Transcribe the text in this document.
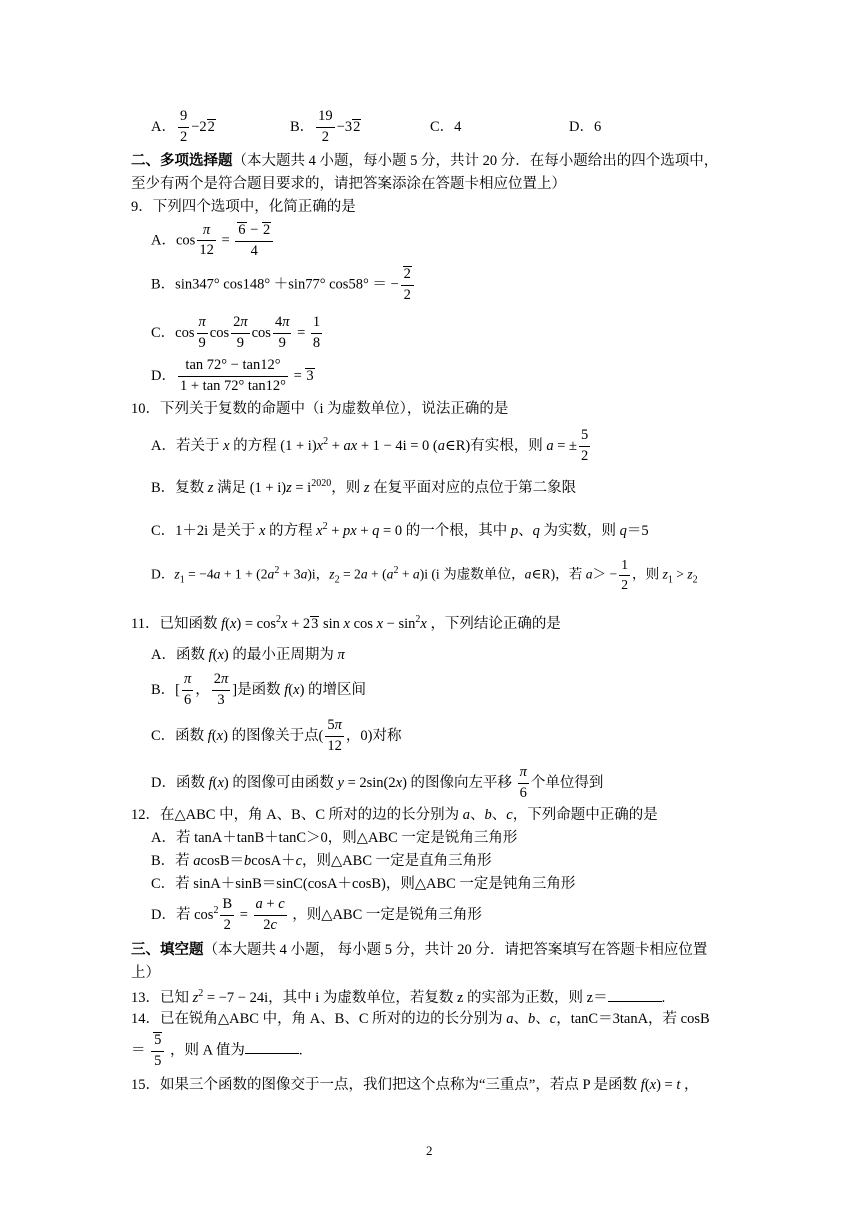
A． $\frac{9}{2} -22$	B． $\frac{19}{2} -32$	C．4	D．6
二、多项选择题（本大题共 4 小题，每小题 5 分，共计 20 分．在每小题给出的四个选项中，
至少有两个是符合题目要求的，请把答案添涂在答题卡相应位置上）
9．下列四个选项中，化简正确的是
A．$\cos \frac{\pi}{12} = \frac{6 - 2}{4}$
B．sin347° cos148° ＋sin77° cos58° ＝ − $\frac{2}{2}$
C．$\cos \frac{\pi}{9}$ $\cos \frac{2\pi}{9}$ $\cos \frac{4\pi}{9} = \frac{1}{8}$
D． $\frac{\tan 72^\circ - \tan 12^\circ}{1 + \tan 72^\circ \tan 12^\circ} = 3$
10．下列关于复数的命题中（i 为虚数单位），说法正确的是
A．若关于 x 的方程 $(1 + i)x^2$ + ax + 1 − 4i = 0 (a∈R)有实根，则 a = ± $\frac{5}{2}$
B．复数 z 满足 $(1 + i)z = i^{2020}$，则 z 在复平面对应的点位于第二象限
C．1＋2i 是关于 x 的方程 $x^2$ + px + q = 0 的一个根，其中 p、q 为实数，则 q＝5
D．$z_1 = -4a + 1 + (2a^2 + 3a)i$，$z_2 = 2a + (a^2 + a)i$ (i 为虚数单位，a∈R)，若 $a> - \frac{1}{2}$ ，则 $z_1 > z_2$
11．已知函数 $f(x) = \cos^2x + 23$ sin x $\cos x - \sin^2x$ ，下列结论正确的是
A．函数 f(x) 的最小正周期为 π
B．[ $\frac{\pi}{6}$ ， $\frac{2\pi}{3}$ ]是函数 f(x) 的增区间
C．函数 f(x) 的图像关于点( $\frac{5\pi}{12}$ ，0)对称
D．函数 f(x) 的图像可由函数 y = 2sin(2x) 的图像向左平移 $\frac{\pi}{6}$ 个单位得到
12．在△ABC 中，角 A、B、C 所对的边的长分别为 a、b、c，下列命题中正确的是
A．若 tanA＋tanB＋tanC＞0，则△ABC 一定是锐角三角形
B．若 acosB＝bcosA＋c，则△ABC 一定是直角三角形
C．若 sinA＋sinB＝sinC(cosA＋cosB)，则△ABC 一定是钝角三角形
D．若 $\cos^2 \frac{B}{2} = \frac{a + c}{2c}$ ，则△ABC 一定是锐角三角形
三、填空题（本大题共 4 小题， 每小题 5 分，共计 20 分．请把答案填写在答题卡相应位置
上）
13．已知 $z^2 = -7 - 24i$，其中 i 为虚数单位，若复数 z 的实部为正数，则 z＝	.
14．已在锐角△ABC 中，角 A、B、C 所对的边的长分别为 a、b、c，tanC＝3tanA，若 cosB
＝ $\frac{5}{5}$ ，则 A 值为	.
15．如果三个函数的图像交于一点，我们把这个点称为“三重点”，若点 P 是函数 f(x) = t ，
2
